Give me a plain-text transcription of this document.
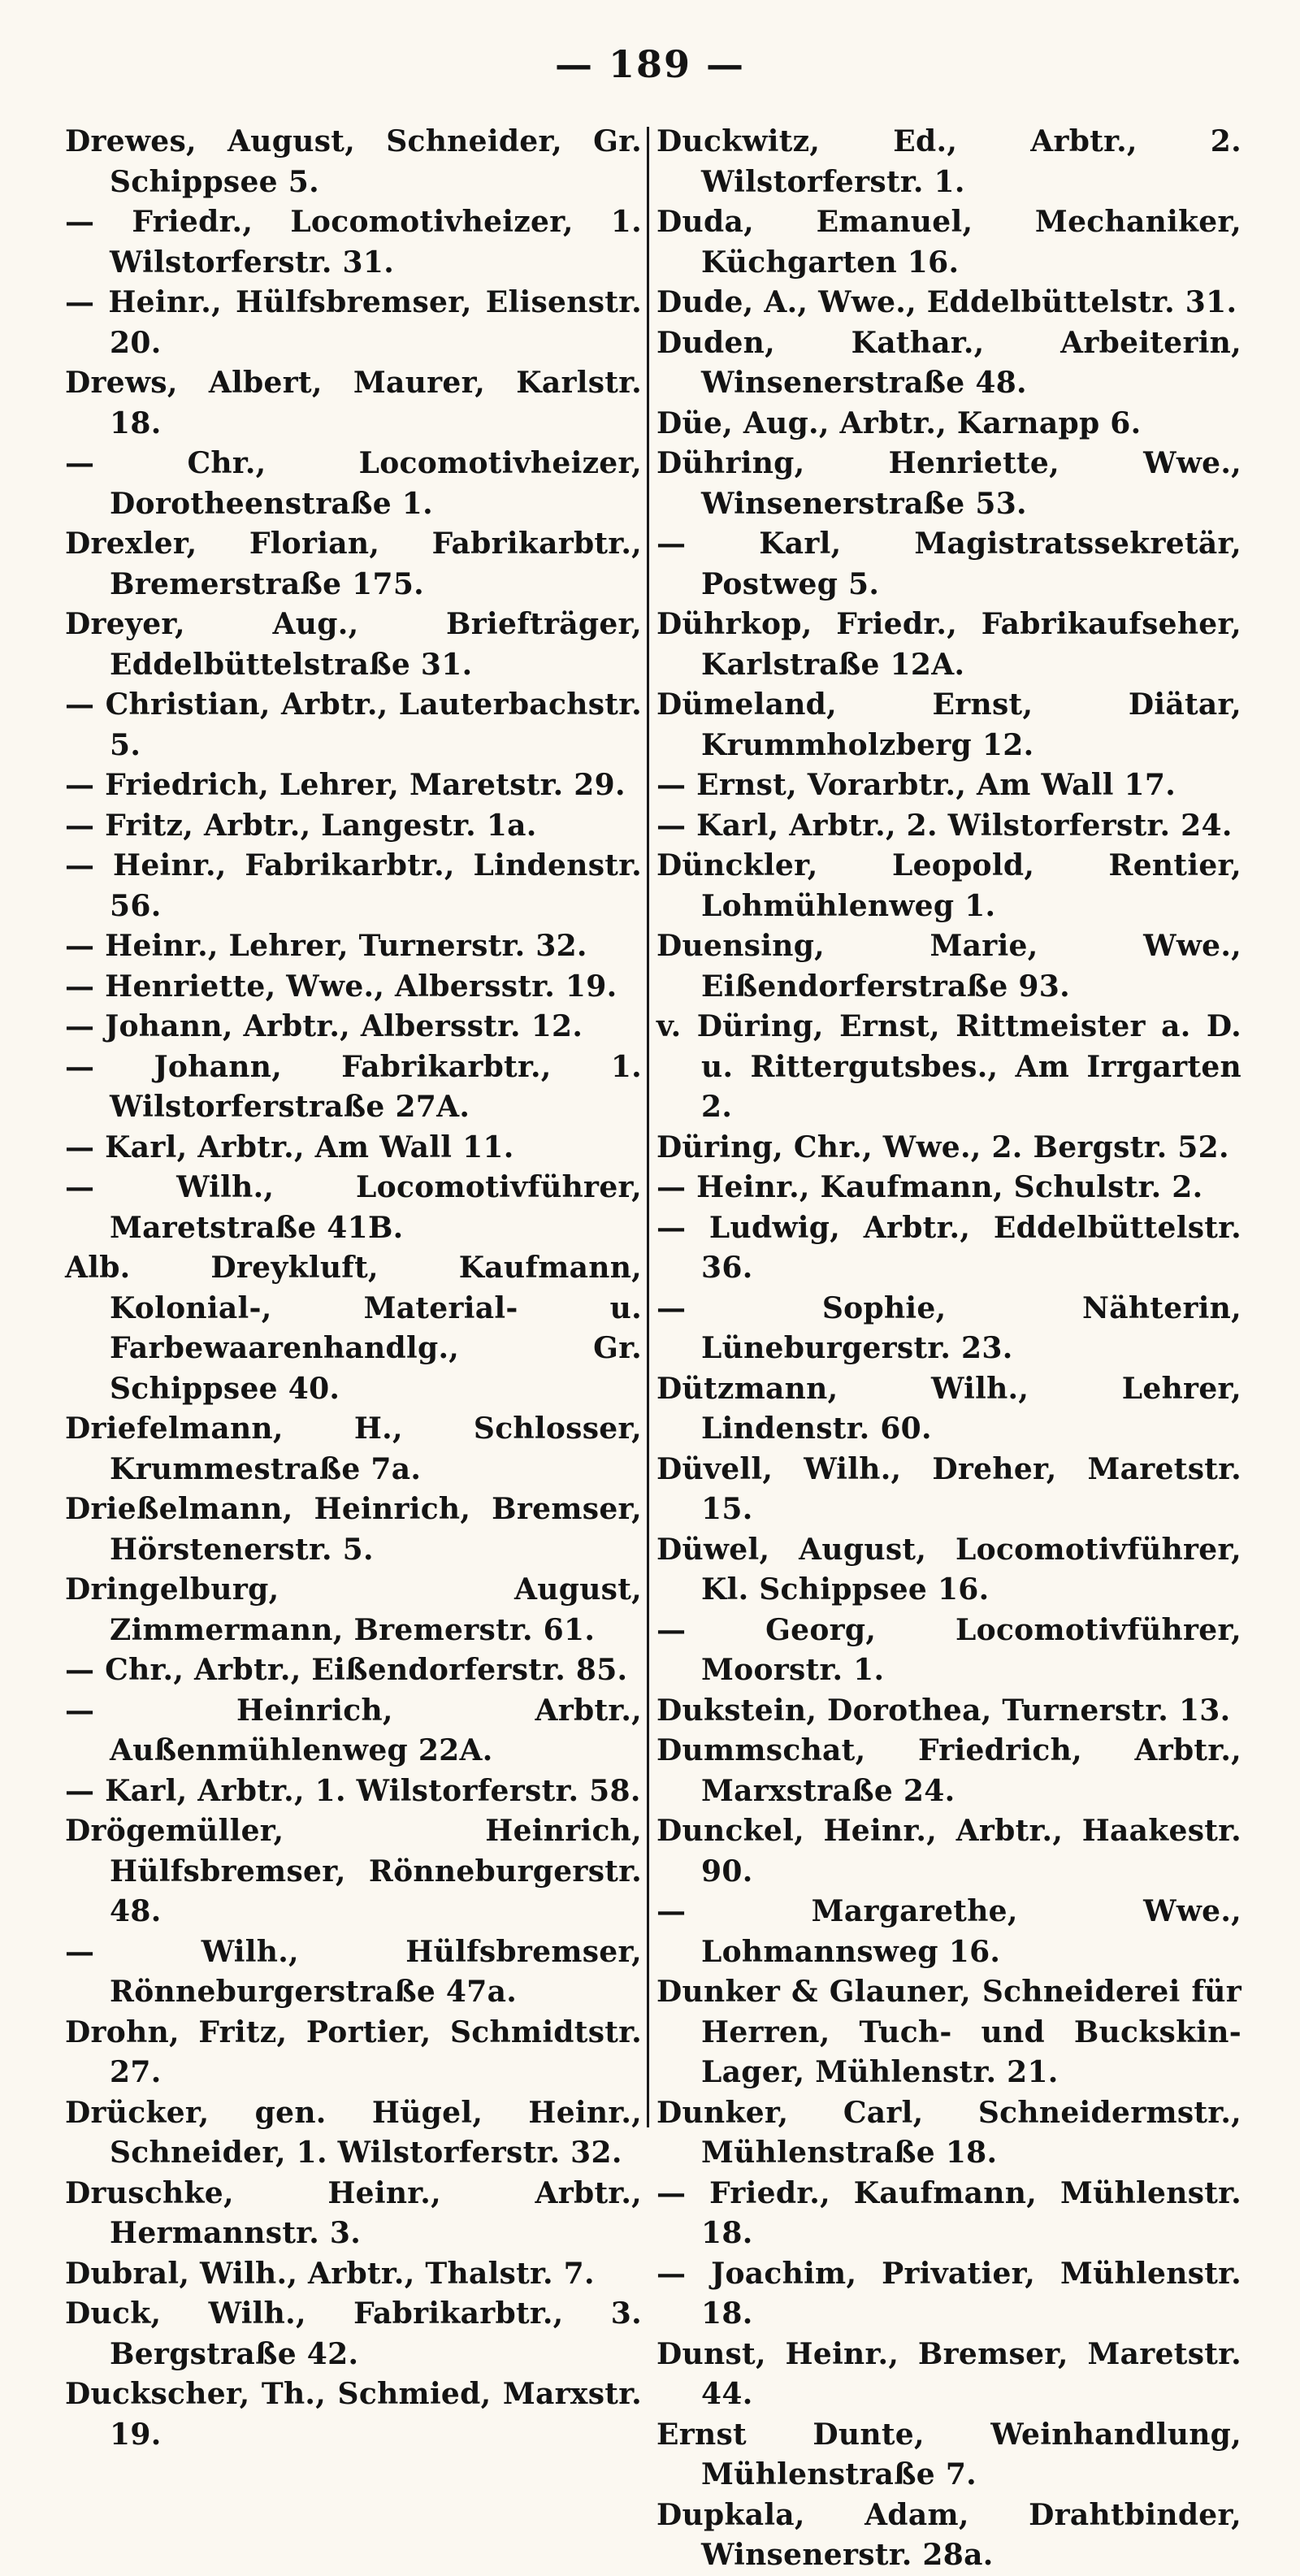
— 189 —
Drewes, August, Schneider, Gr. Schippsee 5.
— Friedr., Locomotivheizer, 1. Wilstorferstr. 31.
— Heinr., Hülfsbremser, Elisenstr. 20.
Drews, Albert, Maurer, Karlstr. 18.
— Chr., Locomotivheizer, Dorotheenstraße 1.
Drexler, Florian, Fabrikarbtr., Bremerstraße 175.
Dreyer, Aug., Briefträger, Eddelbüttelstraße 31.
— Christian, Arbtr., Lauterbachstr. 5.
— Friedrich, Lehrer, Maretstr. 29.
— Fritz, Arbtr., Langestr. 1a.
— Heinr., Fabrikarbtr., Lindenstr. 56.
— Heinr., Lehrer, Turnerstr. 32.
— Henriette, Wwe., Albersstr. 19.
— Johann, Arbtr., Albersstr. 12.
— Johann, Fabrikarbtr., 1. Wilstorferstraße 27A.
— Karl, Arbtr., Am Wall 11.
— Wilh., Locomotivführer, Maretstraße 41B.
Alb. Dreykluft, Kaufmann, Kolonial-, Material- u. Farbewaarenhandlg., Gr. Schippsee 40.
Driefelmann, H., Schlosser, Krummestraße 7a.
Drießelmann, Heinrich, Bremser, Hörstenerstr. 5.
Dringelburg, August, Zimmermann, Bremerstr. 61.
— Chr., Arbtr., Eißendorferstr. 85.
— Heinrich, Arbtr., Außenmühlenweg 22A.
— Karl, Arbtr., 1. Wilstorferstr. 58.
Drögemüller, Heinrich, Hülfsbremser, Rönneburgerstr. 48.
— Wilh., Hülfsbremser, Rönneburgerstraße 47a.
Drohn, Fritz, Portier, Schmidtstr. 27.
Drücker, gen. Hügel, Heinr., Schneider, 1. Wilstorferstr. 32.
Druschke, Heinr., Arbtr., Hermannstr. 3.
Dubral, Wilh., Arbtr., Thalstr. 7.
Duck, Wilh., Fabrikarbtr., 3. Bergstraße 42.
Duckscher, Th., Schmied, Marxstr. 19.
Duckwitz, Ed., Arbtr., 2. Wilstorferstr. 1.
Duda, Emanuel, Mechaniker, Küchgarten 16.
Dude, A., Wwe., Eddelbüttelstr. 31.
Duden, Kathar., Arbeiterin, Winsenerstraße 48.
Düe, Aug., Arbtr., Karnapp 6.
Dühring, Henriette, Wwe., Winsenerstraße 53.
— Karl, Magistratssekretär, Postweg 5.
Dührkop, Friedr., Fabrikaufseher, Karlstraße 12A.
Dümeland, Ernst, Diätar, Krummholzberg 12.
— Ernst, Vorarbtr., Am Wall 17.
— Karl, Arbtr., 2. Wilstorferstr. 24.
Dünckler, Leopold, Rentier, Lohmühlenweg 1.
Duensing, Marie, Wwe., Eißendorferstraße 93.
v. Düring, Ernst, Rittmeister a. D. u. Rittergutsbes., Am Irrgarten 2.
Düring, Chr., Wwe., 2. Bergstr. 52.
— Heinr., Kaufmann, Schulstr. 2.
— Ludwig, Arbtr., Eddelbüttelstr. 36.
— Sophie, Nähterin, Lüneburgerstr. 23.
Dützmann, Wilh., Lehrer, Lindenstr. 60.
Düvell, Wilh., Dreher, Maretstr. 15.
Düwel, August, Locomotivführer, Kl. Schippsee 16.
— Georg, Locomotivführer, Moorstr. 1.
Dukstein, Dorothea, Turnerstr. 13.
Dummschat, Friedrich, Arbtr., Marxstraße 24.
Dunckel, Heinr., Arbtr., Haakestr. 90.
— Margarethe, Wwe., Lohmannsweg 16.
Dunker & Glauner, Schneiderei für Herren, Tuch- und Buckskin-Lager, Mühlenstr. 21.
Dunker, Carl, Schneidermstr., Mühlenstraße 18.
— Friedr., Kaufmann, Mühlenstr. 18.
— Joachim, Privatier, Mühlenstr. 18.
Dunst, Heinr., Bremser, Maretstr. 44.
Ernst Dunte, Weinhandlung, Mühlenstraße 7.
Dupkala, Adam, Drahtbinder, Winsenerstr. 28a.
